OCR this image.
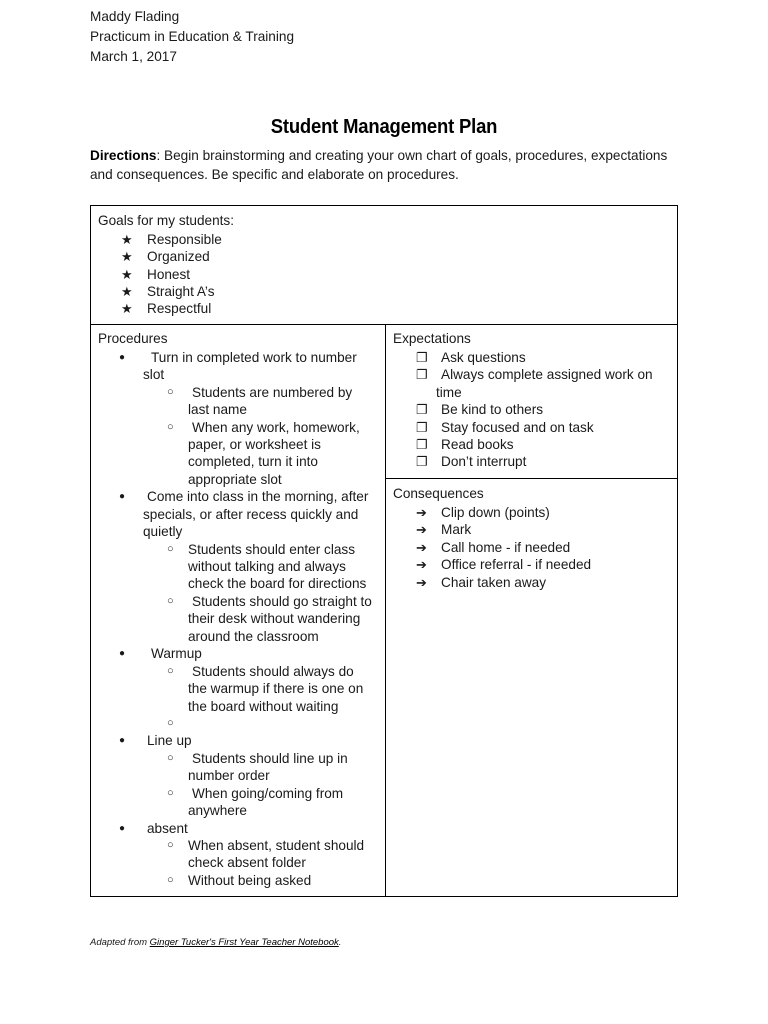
Maddy Flading
Practicum in Education & Training
March 1, 2017
Student Management Plan
Directions: Begin brainstorming and creating your own chart of goals, procedures, expectations
and consequences. Be specific and elaborate on procedures.
Goals for my students:
★ Responsible
★ Organized
★ Honest
★ Straight A’s
★ Respectful
Procedures
● Turn in completed work to number
slot
○ Students are numbered by
last name
○ When any work, homework,
paper, or worksheet is
completed, turn it into
appropriate slot
● Come into class in the morning, after
specials, or after recess quickly and
quietly
○ Students should enter class
without talking and always
check the board for directions
○ Students should go straight to
their desk without wandering
around the classroom
● Warmup
○ Students should always do
the warmup if there is one on
the board without waiting
○
● Line up
○ Students should line up in
number order
○ When going/coming from
anywhere
● absent
○ When absent, student should
check absent folder
○ Without being asked
Expectations
❐ Ask questions
❐ Always complete assigned work on
time
❐ Be kind to others
❐ Stay focused and on task
❐ Read books
❐ Don’t interrupt
Consequences
➔ Clip down (points)
➔ Mark
➔ Call home - if needed
➔ Office referral - if needed
➔ Chair taken away
Adapted from Ginger Tucker's First Year Teacher Notebook.
